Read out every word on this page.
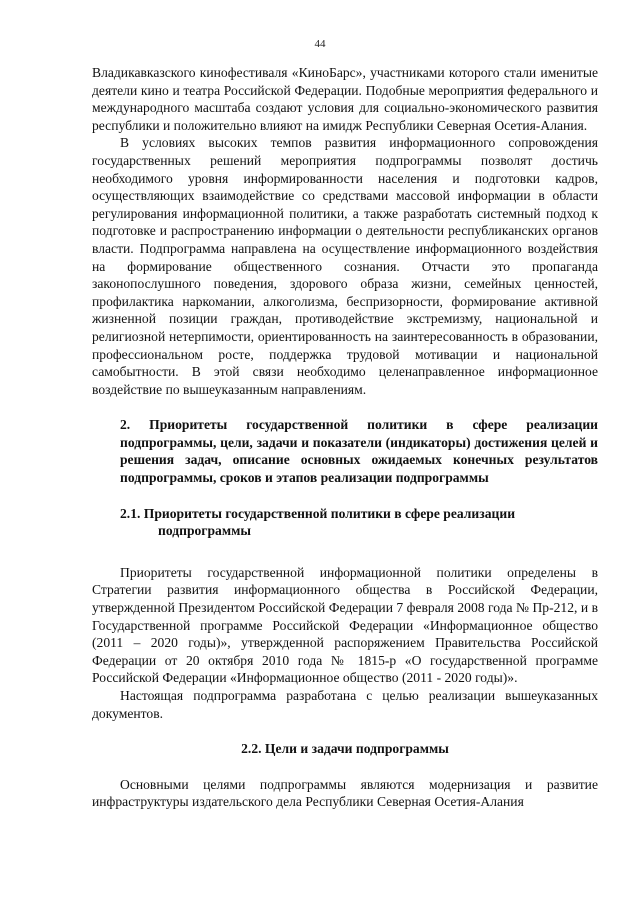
44

Владикавказского кинофестиваля «КиноБарс», участниками которого стали именитые деятели кино и театра Российской Федерации. Подобные мероприятия федерального и международного масштаба создают условия для социально-экономического развития республики и положительно влияют на имидж Республики Северная Осетия-Алания.

В условиях высоких темпов развития информационного сопровождения государственных решений мероприятия подпрограммы позволят достичь необходимого уровня информированности населения и подготовки кадров, осуществляющих взаимодействие со средствами массовой информации в области регулирования информационной политики, а также разработать системный подход к подготовке и распространению информации о деятельности республиканских органов власти. Подпрограмма направлена на осуществление информационного воздействия на формирование общественного сознания. Отчасти это пропаганда законопослушного поведения, здорового образа жизни, семейных ценностей, профилактика наркомании, алкоголизма, беспризорности, формирование активной жизненной позиции граждан, противодействие экстремизму, национальной и религиозной нетерпимости, ориентированность на заинтересованность в образовании, профессиональном росте, поддержка трудовой мотивации и национальной самобытности. В этой связи необходимо целенаправленное информационное воздействие по вышеуказанным направлениям.

2. Приоритеты государственной политики в сфере реализации подпрограммы, цели, задачи и показатели (индикаторы) достижения целей и решения задач, описание основных ожидаемых конечных результатов подпрограммы, сроков и этапов реализации подпрограммы

2.1. Приоритеты государственной политики в сфере реализации
подпрограммы

Приоритеты государственной информационной политики определены в Стратегии развития информационного общества в Российской Федерации, утвержденной Президентом Российской Федерации 7 февраля 2008 года № Пр-212, и в Государственной программе Российской Федерации «Информационное общество (2011 – 2020 годы)», утвержденной распоряжением Правительства Российской Федерации от 20 октября 2010 года № 1815-р «О государственной программе Российской Федерации «Информационное общество (2011 - 2020 годы)».

Настоящая подпрограмма разработана с целью реализации вышеуказанных документов.

2.2. Цели и задачи подпрограммы

Основными целями подпрограммы являются модернизация и развитие инфраструктуры издательского дела Республики Северная Осетия-Алания
